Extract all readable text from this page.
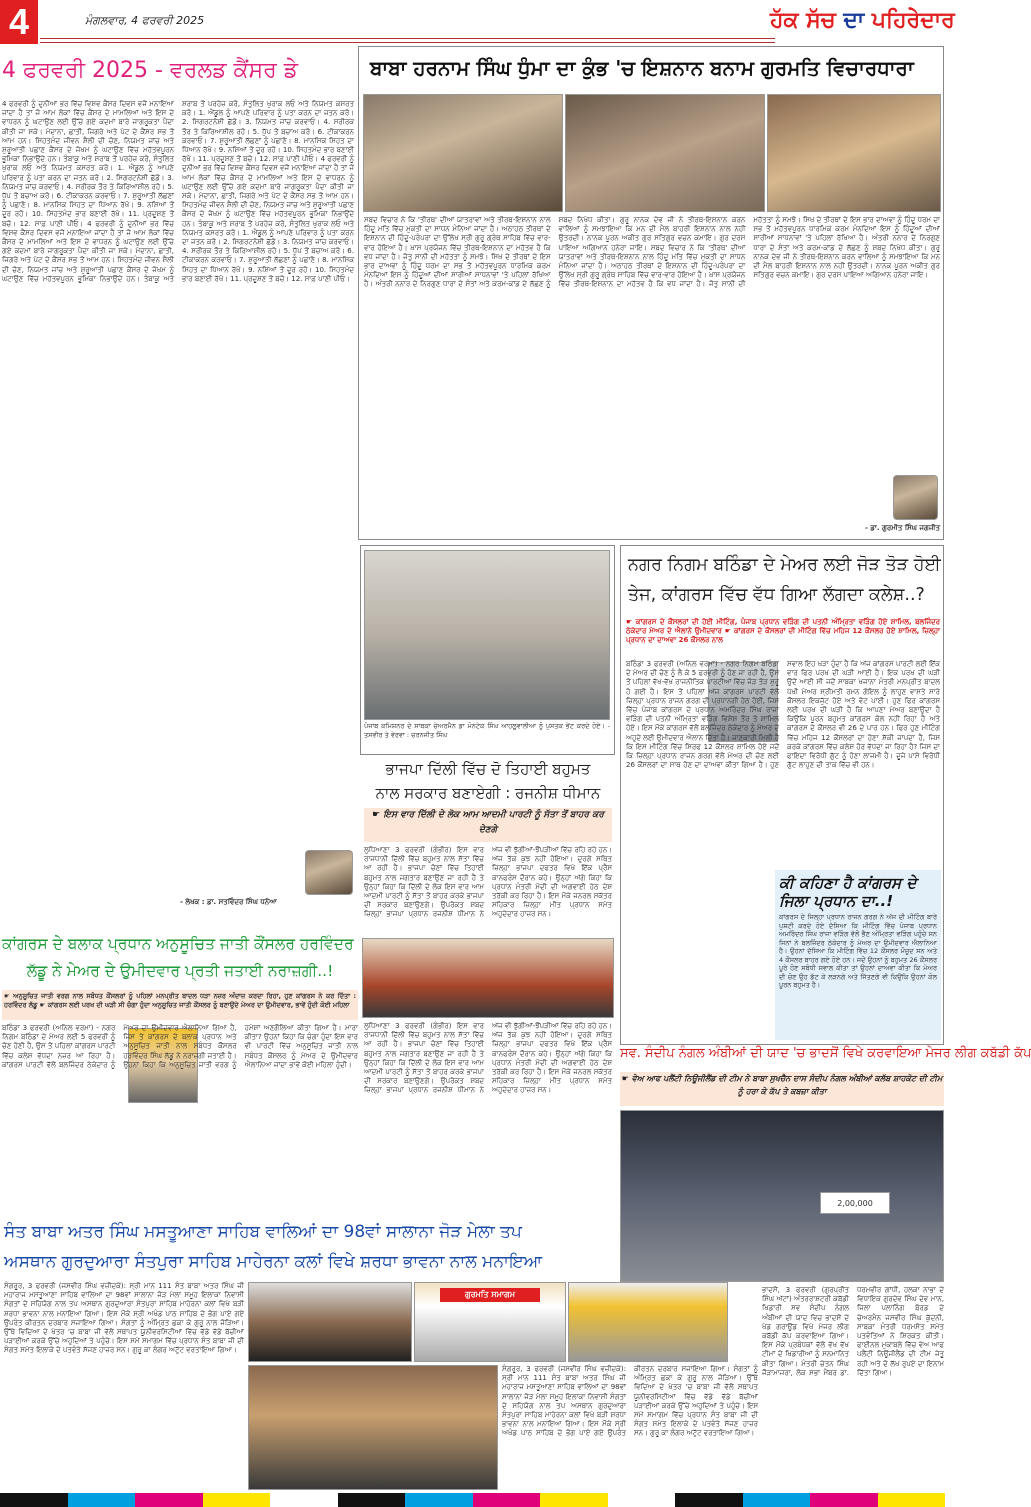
4	ਮੰਗਲਵਾਰ, 4 ਫਰਵਰੀ 2025	ਹੱਕ ਸੱਚ ਦਾ ਪਹਿਰੇਦਾਰ
4 ਫਰਵਰੀ 2025 - ਵਰਲਡ ਕੈਂਸਰ ਡੇ
4 ਫਰਵਰੀ ਨੂੰ ਦੁਨੀਆਂ ਭਰ ਵਿੱਚ ਵਿਸ਼ਵ ਕੈਂਸਰ ਦਿਵਸ ਵਜੋਂ ਮਨਾਇਆ ਜਾਂਦਾ ਹੈ ਤਾਂ ਜੋ ਆਮ ਲੋਕਾਂ ਵਿੱਚ ਕੈਂਸਰ ਦੇ ਮਾਮਲਿਆਂ ਅਤੇ ਇਸ ਦੇ ਵਾਧਰਨ ਨੂੰ ਘਟਾਉਣ ਲਈ ਉੱਚੇ ਗਏ ਕਦਮਾਂ ਬਾਰੇ ਜਾਗਰੂਕਤਾ ਪੈਦਾ ਕੀਤੀ ਜਾ ਸਕੇ। ਮੇਦਾਨਾ, ਛਾਤੀ, ਜਿਗਰੇ ਅਤੇ ਪੇਟ ਦੇ ਕੈਂਸਰ ਸਭ ਤੋਂ ਆਮ ਹਨ। ਸਿਹਤਮੰਦ ਜੀਵਨ ਸ਼ੈਲੀ ਦੀ ਚੋਣ, ਨਿਯਮਤ ਜਾਂਚ ਅਤੇ ਸ਼ੁਰੂਆਤੀ ਪਛਾਣ ਕੈਂਸਰ ਦੇ ਜੋਖਮ ਨੂੰ ਘਟਾਉਣ ਵਿੱਚ ਮਹੱਤਵਪੂਰਨ ਭੂਮਿਕਾ ਨਿਭਾਉਂਦੇ ਹਨ। ਤੰਬਾਕੂ ਅਤੇ ਸ਼ਰਾਬ ਤੋਂ ਪਰਹੇਜ਼ ਕਰੋ, ਸੰਤੁਲਿਤ ਖੁਰਾਕ ਲਓ ਅਤੇ ਨਿਯਮਤ ਕਸਰਤ ਕਰੋ। 1. ਐਂਡੂਲ ਨੂੰ ਆਪਣੇ ਪਰਿਵਾਰ ਨੂੰ ਪਤਾ ਕਰਨ ਦਾ ਜਤਨ ਕਰੋ। 2. ਸਿਗਰਟਨੋਸ਼ੀ ਛੱਡੋ। 3. ਨਿਯਮਤ ਜਾਂਚ ਕਰਵਾਓ। 4. ਸਰੀਰਕ ਤੌਰ ਤੇ ਕਿਰਿਆਸ਼ੀਲ ਰਹੋ। 5. ਧੁੱਪ ਤੋਂ ਬਚਾਅ ਕਰੋ। 6. ਟੀਕਾਕਰਨ ਕਰਵਾਓ। 7. ਸ਼ੁਰੂਆਤੀ ਲੱਛਣਾਂ ਨੂੰ ਪਛਾਣੋ। 8. ਮਾਨਸਿਕ ਸਿਹਤ ਦਾ ਧਿਆਨ ਰੱਖੋ। 9. ਨਸ਼ਿਆਂ ਤੋਂ ਦੂਰ ਰਹੋ। 10. ਸਿਹਤਮੰਦ ਭਾਰ ਬਣਾਈ ਰੱਖੋ। 11. ਪ੍ਰਦੂਸ਼ਣ ਤੋਂ ਬਚੋ। 12. ਸਾਫ਼ ਪਾਣੀ ਪੀਓ। 4 ਫਰਵਰੀ ਨੂੰ ਦੁਨੀਆਂ ਭਰ ਵਿੱਚ ਵਿਸ਼ਵ ਕੈਂਸਰ ਦਿਵਸ ਵਜੋਂ ਮਨਾਇਆ ਜਾਂਦਾ ਹੈ ਤਾਂ ਜੋ ਆਮ ਲੋਕਾਂ ਵਿੱਚ ਕੈਂਸਰ ਦੇ ਮਾਮਲਿਆਂ ਅਤੇ ਇਸ ਦੇ ਵਾਧਰਨ ਨੂੰ ਘਟਾਉਣ ਲਈ ਉੱਚੇ ਗਏ ਕਦਮਾਂ ਬਾਰੇ ਜਾਗਰੂਕਤਾ ਪੈਦਾ ਕੀਤੀ ਜਾ ਸਕੇ। ਮੇਦਾਨਾ, ਛਾਤੀ, ਜਿਗਰੇ ਅਤੇ ਪੇਟ ਦੇ ਕੈਂਸਰ ਸਭ ਤੋਂ ਆਮ ਹਨ। ਸਿਹਤਮੰਦ ਜੀਵਨ ਸ਼ੈਲੀ ਦੀ ਚੋਣ, ਨਿਯਮਤ ਜਾਂਚ ਅਤੇ ਸ਼ੁਰੂਆਤੀ ਪਛਾਣ ਕੈਂਸਰ ਦੇ ਜੋਖਮ ਨੂੰ ਘਟਾਉਣ ਵਿੱਚ ਮਹੱਤਵਪੂਰਨ ਭੂਮਿਕਾ ਨਿਭਾਉਂਦੇ ਹਨ। ਤੰਬਾਕੂ ਅਤੇ ਸ਼ਰਾਬ ਤੋਂ ਪਰਹੇਜ਼ ਕਰੋ, ਸੰਤੁਲਿਤ ਖੁਰਾਕ ਲਓ ਅਤੇ ਨਿਯਮਤ ਕਸਰਤ ਕਰੋ। 1. ਐਂਡੂਲ ਨੂੰ ਆਪਣੇ ਪਰਿਵਾਰ ਨੂੰ ਪਤਾ ਕਰਨ ਦਾ ਜਤਨ ਕਰੋ। 2. ਸਿਗਰਟਨੋਸ਼ੀ ਛੱਡੋ। 3. ਨਿਯਮਤ ਜਾਂਚ ਕਰਵਾਓ। 4. ਸਰੀਰਕ ਤੌਰ ਤੇ ਕਿਰਿਆਸ਼ੀਲ ਰਹੋ। 5. ਧੁੱਪ ਤੋਂ ਬਚਾਅ ਕਰੋ। 6. ਟੀਕਾਕਰਨ ਕਰਵਾਓ। 7. ਸ਼ੁਰੂਆਤੀ ਲੱਛਣਾਂ ਨੂੰ ਪਛਾਣੋ। 8. ਮਾਨਸਿਕ ਸਿਹਤ ਦਾ ਧਿਆਨ ਰੱਖੋ। 9. ਨਸ਼ਿਆਂ ਤੋਂ ਦੂਰ ਰਹੋ। 10. ਸਿਹਤਮੰਦ ਭਾਰ ਬਣਾਈ ਰੱਖੋ। 11. ਪ੍ਰਦੂਸ਼ਣ ਤੋਂ ਬਚੋ। 12. ਸਾਫ਼ ਪਾਣੀ ਪੀਓ। 4 ਫਰਵਰੀ ਨੂੰ ਦੁਨੀਆਂ ਭਰ ਵਿੱਚ ਵਿਸ਼ਵ ਕੈਂਸਰ ਦਿਵਸ ਵਜੋਂ ਮਨਾਇਆ ਜਾਂਦਾ ਹੈ ਤਾਂ ਜੋ ਆਮ ਲੋਕਾਂ ਵਿੱਚ ਕੈਂਸਰ ਦੇ ਮਾਮਲਿਆਂ ਅਤੇ ਇਸ ਦੇ ਵਾਧਰਨ ਨੂੰ ਘਟਾਉਣ ਲਈ ਉੱਚੇ ਗਏ ਕਦਮਾਂ ਬਾਰੇ ਜਾਗਰੂਕਤਾ ਪੈਦਾ ਕੀਤੀ ਜਾ ਸਕੇ। ਮੇਦਾਨਾ, ਛਾਤੀ, ਜਿਗਰੇ ਅਤੇ ਪੇਟ ਦੇ ਕੈਂਸਰ ਸਭ ਤੋਂ ਆਮ ਹਨ। ਸਿਹਤਮੰਦ ਜੀਵਨ ਸ਼ੈਲੀ ਦੀ ਚੋਣ, ਨਿਯਮਤ ਜਾਂਚ ਅਤੇ ਸ਼ੁਰੂਆਤੀ ਪਛਾਣ ਕੈਂਸਰ ਦੇ ਜੋਖਮ ਨੂੰ ਘਟਾਉਣ ਵਿੱਚ ਮਹੱਤਵਪੂਰਨ ਭੂਮਿਕਾ ਨਿਭਾਉਂਦੇ ਹਨ। ਤੰਬਾਕੂ ਅਤੇ ਸ਼ਰਾਬ ਤੋਂ ਪਰਹੇਜ਼ ਕਰੋ, ਸੰਤੁਲਿਤ ਖੁਰਾਕ ਲਓ ਅਤੇ ਨਿਯਮਤ ਕਸਰਤ ਕਰੋ। 1. ਐਂਡੂਲ ਨੂੰ ਆਪਣੇ ਪਰਿਵਾਰ ਨੂੰ ਪਤਾ ਕਰਨ ਦਾ ਜਤਨ ਕਰੋ। 2. ਸਿਗਰਟਨੋਸ਼ੀ ਛੱਡੋ। 3. ਨਿਯਮਤ ਜਾਂਚ ਕਰਵਾਓ। 4. ਸਰੀਰਕ ਤੌਰ ਤੇ ਕਿਰਿਆਸ਼ੀਲ ਰਹੋ। 5. ਧੁੱਪ ਤੋਂ ਬਚਾਅ ਕਰੋ। 6. ਟੀਕਾਕਰਨ ਕਰਵਾਓ। 7. ਸ਼ੁਰੂਆਤੀ ਲੱਛਣਾਂ ਨੂੰ ਪਛਾਣੋ। 8. ਮਾਨਸਿਕ ਸਿਹਤ ਦਾ ਧਿਆਨ ਰੱਖੋ। 9. ਨਸ਼ਿਆਂ ਤੋਂ ਦੂਰ ਰਹੋ। 10. ਸਿਹਤਮੰਦ ਭਾਰ ਬਣਾਈ ਰੱਖੋ। 11. ਪ੍ਰਦੂਸ਼ਣ ਤੋਂ ਬਚੋ। 12. ਸਾਫ਼ ਪਾਣੀ ਪੀਓ।
- ਲੇਖਕ : ਡਾ. ਸਤਵਿੰਦਰ ਸਿੰਘ ਧਨੋਆ
ਬਾਬਾ ਹਰਨਾਮ ਸਿੰਘ ਧੁੰਮਾ ਦਾ ਕੁੰਭ 'ਚ ਇਸ਼ਨਾਨ ਬਨਾਮ ਗੁਰਮਤਿ ਵਿਚਾਰਧਾਰਾ
ਸਬਦ ਵਿਚਾਰ ਨੇ ਕਿ 'ਤੀਰਥ' ਦੀਆਂ ਯਾਤਰਾਵਾਂ ਅਤੇ ਤੀਰਥ-ਇਸ਼ਨਾਨ ਨਾਲ ਹਿੰਦੂ ਮਤਿ ਵਿੱਚ ਮੁਕਤੀ ਦਾ ਸਾਧਨ ਮੰਨਿਆ ਜਾਂਦਾ ਹੈ। ਅਠਾਹਠ ਤੀਰਥਾਂ ਦੇ ਇਸ਼ਨਾਨ ਦੀ ਹਿੰਦੂ-ਪਰੰਪਰਾ ਦਾ ਉੱਲੇਖ ਸ੍ਰੀ ਗੁਰੂ ਗ੍ਰੰਥ ਸਾਹਿਬ ਵਿੱਚ ਵਾਰ-ਵਾਰ ਹੋਇਆ ਹੈ। ਖ਼ਾਸ ਪ੍ਰਯੋਜਨ ਵਿੱਚ ਤੀਰਥ-ਇਸ਼ਨਾਨ ਦਾ ਮਹੱਤਵ ਹੈ ਕਿ ਵਧ ਜਾਂਦਾ ਹੈ। ਜੋਤੁ ਸਾਨੀ ਦੀ ਮਹੱਤਤਾ ਨੂੰ ਸਮਝੋ। ਸਿਖ ਦੇ ਤੀਰਥਾਂ ਦੇ ਇਸ ਭਾਰ ਦਾਅਵਾ ਨੂੰ ਹਿੰਦੂ ਧਰਮ ਦਾ ਸਭ ਤੋਂ ਮਹੱਤਵਪੂਰਨ ਧਾਰਮਿਕ ਕਰਮ ਮੰਨਦਿਆਂ ਇਸ ਨੂੰ ਹਿੰਦੂਆਂ ਦੀਆਂ ਸਾਰੀਆਂ ਸਾਧਨਾਵਾਂ 'ਤੇ ਪਹਿਲਾਂ ਰੱਖਿਆ ਹੈ। ਅੰਤਰੀ ਨਨਾਰ ਦੇ ਨਿਰਗੁਣ ਧਾਰਾ ਦੇ ਸੰਤਾਂ ਅਤੇ ਕਰਮ-ਕਾਂਡ ਦੇ ਲੱਛਣ ਨੂੰ ਸ਼ਬਦ ਨਿਖੇਧ ਕੀਤਾ। ਗੁਰੂ ਨਾਨਕ ਦੇਵ ਜੀ ਨੇ ਤੀਰਥ-ਇਸ਼ਨਾਨ ਕਰਨ ਵਾਲਿਆਂ ਨੂੰ ਸਮਝਾਇਆ ਕਿ ਮਨ ਦੀ ਮੈਲ ਬਾਹਰੀ ਇਸ਼ਨਾਨ ਨਾਲ ਨਹੀਂ ਉਤਰਦੀ। ਨਾਨਕ ਪੂਰਨ ਅਕੀਤ ਗੁਰ ਸਤਿਗੁਰ ਵਚਨ ਕਮਾਇ। ਗੁਰ ਦਰਸ ਪਾਇਆ ਅਗਿਆਨ ਹਨੇਰਾ ਜਾਇ। ਸਬਦ ਵਿਚਾਰ ਨੇ ਕਿ 'ਤੀਰਥ' ਦੀਆਂ ਯਾਤਰਾਵਾਂ ਅਤੇ ਤੀਰਥ-ਇਸ਼ਨਾਨ ਨਾਲ ਹਿੰਦੂ ਮਤਿ ਵਿੱਚ ਮੁਕਤੀ ਦਾ ਸਾਧਨ ਮੰਨਿਆ ਜਾਂਦਾ ਹੈ। ਅਠਾਹਠ ਤੀਰਥਾਂ ਦੇ ਇਸ਼ਨਾਨ ਦੀ ਹਿੰਦੂ-ਪਰੰਪਰਾ ਦਾ ਉੱਲੇਖ ਸ੍ਰੀ ਗੁਰੂ ਗ੍ਰੰਥ ਸਾਹਿਬ ਵਿੱਚ ਵਾਰ-ਵਾਰ ਹੋਇਆ ਹੈ। ਖ਼ਾਸ ਪ੍ਰਯੋਜਨ ਵਿੱਚ ਤੀਰਥ-ਇਸ਼ਨਾਨ ਦਾ ਮਹੱਤਵ ਹੈ ਕਿ ਵਧ ਜਾਂਦਾ ਹੈ। ਜੋਤੁ ਸਾਨੀ ਦੀ ਮਹੱਤਤਾ ਨੂੰ ਸਮਝੋ। ਸਿਖ ਦੇ ਤੀਰਥਾਂ ਦੇ ਇਸ ਭਾਰ ਦਾਅਵਾ ਨੂੰ ਹਿੰਦੂ ਧਰਮ ਦਾ ਸਭ ਤੋਂ ਮਹੱਤਵਪੂਰਨ ਧਾਰਮਿਕ ਕਰਮ ਮੰਨਦਿਆਂ ਇਸ ਨੂੰ ਹਿੰਦੂਆਂ ਦੀਆਂ ਸਾਰੀਆਂ ਸਾਧਨਾਵਾਂ 'ਤੇ ਪਹਿਲਾਂ ਰੱਖਿਆ ਹੈ। ਅੰਤਰੀ ਨਨਾਰ ਦੇ ਨਿਰਗੁਣ ਧਾਰਾ ਦੇ ਸੰਤਾਂ ਅਤੇ ਕਰਮ-ਕਾਂਡ ਦੇ ਲੱਛਣ ਨੂੰ ਸ਼ਬਦ ਨਿਖੇਧ ਕੀਤਾ। ਗੁਰੂ ਨਾਨਕ ਦੇਵ ਜੀ ਨੇ ਤੀਰਥ-ਇਸ਼ਨਾਨ ਕਰਨ ਵਾਲਿਆਂ ਨੂੰ ਸਮਝਾਇਆ ਕਿ ਮਨ ਦੀ ਮੈਲ ਬਾਹਰੀ ਇਸ਼ਨਾਨ ਨਾਲ ਨਹੀਂ ਉਤਰਦੀ। ਨਾਨਕ ਪੂਰਨ ਅਕੀਤ ਗੁਰ ਸਤਿਗੁਰ ਵਚਨ ਕਮਾਇ। ਗੁਰ ਦਰਸ ਪਾਇਆ ਅਗਿਆਨ ਹਨੇਰਾ ਜਾਇ।
- ਡਾ. ਗੁਰਮੀਤ ਸਿੰਘ ਜਗਜੀਤ
ਪੰਜਾਬ ਕਮਿਸ਼ਨਰ ਦੇ ਸਾਬਕਾ ਚੇਅਰਮੈਨ ਡਾ ਮੋਨਟੇਕ ਸਿੰਘ ਆਹਲੂਵਾਲੀਆ ਨੂੰ ਪੁਸਤਕ ਭੇਂਟ ਕਰਦੇ ਹੋਏ। - ਤਸਵੀਰ ਤੇ ਵੇਰਵਾ : ਚਰਨਜੀਤ ਸਿੰਘ
ਨਗਰ ਨਿਗਮ ਬਠਿੰਡਾ ਦੇ ਮੇਅਰ ਲਈ ਜੋੜ ਤੋੜ ਹੋਈ
ਤੇਜ, ਕਾਂਗਰਸ ਵਿੱਚ ਵੱਧ ਗਿਆ ਲੱਗਦਾ ਕਲੇਸ਼..?
☛ ਕਾਂਗਰਸ ਦੇ ਕੌਂਸਲਰਾਂ ਦੀ ਹੋਈ ਮੀਟਿੰਗ, ਪੰਜਾਬ ਪ੍ਰਧਾਨ ਵੜਿੰਗ ਦੀ ਪਤਨੀ ਅੰਮ੍ਰਿਤਾ ਵੜਿੰਗ ਹੋਏ ਸ਼ਾਮਿਲ, ਬਲਜਿੰਦਰ ਠੇਕੇਦਾਰ ਮੇਅਰ ਦੇ ਐਲਾਨੇ ਉਮੀਦਵਾਰ ☛ ਕਾਂਗਰਸ ਦੇ ਕੌਂਸਲਰਾਂ ਦੀ ਮੀਟਿੰਗ ਵਿੱਚ ਮਹਿਜ 12 ਕੌਂਸਲਰ ਹੋਏ ਸ਼ਾਮਿਲ, ਜ਼ਿਲ੍ਹਾ ਪ੍ਰਧਾਨ ਦਾ ਦਾਅਵਾ 26 ਕੌਂਸਲਰ ਨਾਲ
ਬਠਿੰਡਾ 3 ਫਰਵਰੀ (ਅਨਿਲ ਵਰਮਾ) - ਨਗਰ ਨਿਗਮ ਬਠਿੰਡਾ ਦੇ ਮੇਅਰ ਦੀ ਚੋਣ ਨੂੰ ਲੈ ਕੇ 5 ਫਰਵਰੀ ਨੂੰ ਹੋਣ ਜਾ ਰਹੀ ਹੈ, ਉਸ ਤੋਂ ਪਹਿਲਾਂ ਵੱਖ-ਵੱਖ ਰਾਜਨੀਤਿਕ ਪਾਰਟੀਆਂ ਵਿੱਚ ਜੋੜ ਤੋੜ ਸ਼ੁਰੂ ਹੋ ਗਈ ਹੈ। ਇਸ ਤੋਂ ਪਹਿਲਾਂ ਅੱਜ ਕਾਂਗਰਸ ਪਾਰਟੀ ਵੱਲੋਂ ਜ਼ਿਲ੍ਹਾ ਪ੍ਰਧਾਨ ਰਾਜਨ ਗਰਗ ਦੀ ਪ੍ਰਧਾਨਗੀ ਹੇਠ ਹੋਈ, ਜਿਸ ਵਿੱਚ ਪੰਜਾਬ ਕਾਂਗਰਸ ਦੇ ਪ੍ਰਧਾਨ ਅਮਰਿੰਦਰ ਸਿੰਘ ਰਾਜਾ ਵੜਿੰਗ ਦੀ ਪਤਨੀ ਅੰਮ੍ਰਿਤਾ ਵੜਿੰਗ ਵਿਸ਼ੇਸ਼ ਤੌਰ ਤੇ ਸ਼ਾਮਿਲ ਹੋਏ। ਇਸ ਮੌਕੇ ਕਾਂਗਰਸ ਵੱਲੋਂ ਬਲਜਿੰਦਰ ਠੇਕੇਦਾਰ ਨੂੰ ਮੇਅਰ ਦੇ ਅਹੁਦੇ ਲਈ ਉਮੀਦਵਾਰ ਐਲਾਨ ਦਿੱਤਾ ਹੈ। ਜਾਣਕਾਰੀ ਮਿਲੀ ਹੈ ਕਿ ਇਸ ਮੀਟਿੰਗ ਵਿੱਚ ਸਿਰਫ 12 ਕੌਂਸਲਰ ਸ਼ਾਮਿਲ ਹੋਏ ਜਦੋਂ ਕਿ ਜ਼ਿਲ੍ਹਾ ਪ੍ਰਧਾਨ ਰਾਜਨ ਗਰਗ ਵੱਲੋਂ ਮੇਅਰ ਦੀ ਚੋਣ ਲਈ 26 ਕੌਂਸਲਰਾਂ ਦਾ ਸਾਥ ਹੋਣ ਦਾ ਦਾਅਵਾ ਕੀਤਾ ਗਿਆ ਹੈ। ਹੁਣ ਸਵਾਲ ਇਹ ਖੜਾ ਹੁੰਦਾ ਹੈ ਕਿ ਅੱਜ ਕਾਂਗਰਸ ਪਾਰਟੀ ਲਈ ਇੱਕ ਵਾਰ ਫਿਰ ਪਰਖ ਦੀ ਘੜੀ ਆਈ ਹੈ। ਇਕ ਪਰਖ ਦੀ ਘੜੀ ਉਦੋਂ ਆਈ ਸੀ ਜਦੋਂ ਸਾਬਕਾ ਖਜਾਨਾ ਮੰਤਰੀ ਮਨਪ੍ਰੀਤ ਬਾਦਲ ਪੱਖੀ ਮੇਅਰ ਸ੍ਰੀਮਤੀ ਰਮਨ ਗੋਇਲ ਨੂੰ ਲਾਹੁਣ ਵਾਸਤੇ ਸਾਰੇ ਕੌਂਸਲਰ ਇਕਜੁੱਟ ਹੋਏ ਅਤੇ ਵੋਟ ਪਾਈ। ਹੁਣ ਫਿਰ ਕਾਂਗਰਸ ਲਈ ਪਰਖ ਦੀ ਘੜੀ ਹੈ ਕਿ ਆਪਣਾ ਮੇਅਰ ਬਣਾਉਂਦਾ ਹੈ ਕਿਉਂਕਿ ਪੂਰਨ ਬਹੁਮਤ ਕਾਂਗਰਸ ਕੋਲ ਨਹੀਂ ਰਿਹਾ ਹੈ ਅਤੇ ਕਾਂਗਰਸ ਦੇ ਕੌਂਸਲਰ ਵੀ 26 ਦੇ ਪਾਰ ਹਨ। ਫਿਰ ਹੁਣ ਮੀਟਿੰਗ ਵਿੱਚ ਮਹਿਜ 12 ਕੌਂਸਲਰਾਂ ਦਾ ਹੋਣਾ ਸ਼ੱਕੀ ਜਾਪਦਾ ਹੈ, ਜਿਸ ਕਰਕੇ ਕਾਂਗਰਸ ਵਿੱਚ ਕਲੇਸ਼ ਹੋਰ ਵੱਧਦਾ ਜਾ ਰਿਹਾ ਹੈ? ਜਿਸ ਦਾ ਫਾਇਦਾ ਵਿਰੋਧੀ ਗੁੱਟ ਨੂੰ ਹੋਣਾ ਲਾਜਮੀ ਹੈ। ਦੂਜੇ ਪਾਸੇ ਵਿਰੋਧੀ ਗੁੱਟ ਲਾਹੁਣ ਦੀ ਤਾਕ ਵਿੱਚ ਵੀ ਹਨ।
ਕੀ ਕਹਿਣਾ ਹੈ ਕਾਂਗਰਸ ਦੇ ਜਿਲਾ ਪ੍ਰਧਾਨ ਦਾ..!
ਕਾਂਗਰਸ ਦੇ ਜਿਲ੍ਹਾ ਪ੍ਰਧਾਨ ਰਾਜਨ ਗਰਗ ਨੇ ਅੱਜ ਦੀ ਮੀਟਿੰਗ ਬਾਰੇ ਪੁਸ਼ਟੀ ਕਰਦੇ ਹੋਏ ਦੱਸਿਆ ਕਿ ਮੀਟਿੰਗ ਵਿੱਚ ਪੰਜਾਬ ਪ੍ਰਧਾਨ ਅਮਰਿੰਦਰ ਸਿੰਘ ਰਾਜਾ ਵੜਿੰਗ ਵੱਲੋਂ ਭੈਣ ਅੰਮ੍ਰਿਤਾ ਵੜਿੰਗ ਪਹੁੰਚੇ ਸਨ ਜਿਨਾਂ ਨੇ ਬਲਜਿੰਦਰ ਠੇਕੇਦਾਰ ਨੂੰ ਮੇਅਰ ਦਾ ਉਮੀਦਵਾਰ ਐਲਾਨਿਆ ਹੈ। ਉਹਨਾਂ ਦੱਸਿਆ ਕਿ ਮੀਟਿੰਗ ਵਿੱਚ 12 ਕੌਂਸਲਰ ਮੌਜੂਦ ਸਨ ਅਤੇ 4 ਕੌਂਸਲਰ ਬਾਹਰ ਗਏ ਹੋਏ ਹਨ। ਜਦੋਂ ਉਹਨਾਂ ਨੂੰ ਬਹੁਮਤ 26 ਕੌਂਸਲਰ ਪੂਰੇ ਹੋਣ ਸਬੰਧੀ ਸਵਾਲ ਕੀਤਾ ਤਾਂ ਉਹਨਾਂ ਦਾਅਵਾ ਕੀਤਾ ਕਿ ਮੇਅਰ ਦੀ ਚੋਣ ਉਹ ਡੱਟ ਕੇ ਲੜਨਗੇ ਅਤੇ ਜਿੱਤਣਗੇ ਵੀ ਕਿਉਂਕਿ ਉਹਨਾਂ ਕੋਲ ਪੂਰਨ ਬਹੁਮਤ ਹੈ।
ਭਾਜਪਾ ਦਿੱਲੀ ਵਿੱਚ ਦੋ ਤਿਹਾਈ ਬਹੁਮਤ
ਨਾਲ ਸਰਕਾਰ ਬਣਾਏਗੀ : ਰਜਨੀਸ਼ ਧੀਮਾਨ
☛ ਇਸ ਵਾਰ ਦਿੱਲੀ ਦੇ ਲੋਕ ਆਮ ਆਦਮੀ ਪਾਰਟੀ ਨੂੰ ਸੱਤਾ ਤੋਂ ਬਾਹਰ ਕਰ ਦੇਣਗੇ
ਲੁਧਿਆਣਾ 3 ਫਰਵਰੀ (ਗੰਭੀਰ) ਇਸ ਵਾਰ ਰਾਜਧਾਨੀ ਦਿੱਲੀ ਵਿੱਚ ਬਹੁਮਤ ਨਾਲ ਸੱਤਾ ਵਿੱਚ ਆ ਰਹੀ ਹੈ। ਭਾਜਪਾ ਚੋਣਾਂ ਵਿੱਚ ਤਿਹਾਈ ਬਹੁਮਤ ਨਾਲ ਜਗਤਾਰ ਬਣਾਉਣ ਜਾ ਰਹੀ ਹੈ ਤੇ ਉਨ੍ਹਾਂ ਕਿਹਾ ਕਿ ਦਿੱਲੀ ਦੇ ਲੋਕ ਇਸ ਵਾਰ ਆਮ ਆਦਮੀ ਪਾਰਟੀ ਨੂੰ ਸੱਤਾ ਤੋਂ ਬਾਹਰ ਕਰਕੇ ਭਾਜਪਾ ਦੀ ਸਰਕਾਰ ਬਣਾਉਣਗੇ। ਉਪਰੋਕਤ ਸ਼ਬਦ ਜ਼ਿਲ੍ਹਾ ਭਾਜਪਾ ਪ੍ਰਧਾਨ ਰਜਨੀਸ਼ ਧੀਮਾਨ ਨੇ ਅੱਜ ਵੀ ਝੁੱਗੀਆਂ-ਝੌਂਪੜੀਆਂ ਵਿੱਚ ਰਹਿ ਰਹੇ ਹਨ। ਅੱਜ ਤੱਕ ਕੁਝ ਨਹੀਂ ਹੋਇਆ। ਦੁਰਗੇ ਸਥਿਤ ਜ਼ਿਲ੍ਹਾ ਭਾਜਪਾ ਦਫਤਰ ਵਿਖੇ ਇੱਕ ਪ੍ਰੈਸ ਕਾਨਫਰੰਸ ਦੌਰਾਨ ਕਹੇ। ਉਨ੍ਹਾਂ ਅੱਗੇ ਕਿਹਾ ਕਿ ਪ੍ਰਧਾਨ ਮੰਤਰੀ ਮੋਦੀ ਦੀ ਅਗਵਾਈ ਹੇਠ ਦੇਸ਼ ਤਰੱਕੀ ਕਰ ਰਿਹਾ ਹੈ। ਇਸ ਮੌਕੇ ਜਨਰਲ ਸਕੱਤਰ ਸਹਿਕਾਰ ਜ਼ਿਲ੍ਹਾ ਮੀਤ ਪ੍ਰਧਾਨ ਸਮੇਤ ਅਹੁਦੇਦਾਰ ਹਾਜ਼ਰ ਸਨ।
ਲੁਧਿਆਣਾ 3 ਫਰਵਰੀ (ਗੰਭੀਰ) ਇਸ ਵਾਰ ਰਾਜਧਾਨੀ ਦਿੱਲੀ ਵਿੱਚ ਬਹੁਮਤ ਨਾਲ ਸੱਤਾ ਵਿੱਚ ਆ ਰਹੀ ਹੈ। ਭਾਜਪਾ ਚੋਣਾਂ ਵਿੱਚ ਤਿਹਾਈ ਬਹੁਮਤ ਨਾਲ ਜਗਤਾਰ ਬਣਾਉਣ ਜਾ ਰਹੀ ਹੈ ਤੇ ਉਨ੍ਹਾਂ ਕਿਹਾ ਕਿ ਦਿੱਲੀ ਦੇ ਲੋਕ ਇਸ ਵਾਰ ਆਮ ਆਦਮੀ ਪਾਰਟੀ ਨੂੰ ਸੱਤਾ ਤੋਂ ਬਾਹਰ ਕਰਕੇ ਭਾਜਪਾ ਦੀ ਸਰਕਾਰ ਬਣਾਉਣਗੇ। ਉਪਰੋਕਤ ਸ਼ਬਦ ਜ਼ਿਲ੍ਹਾ ਭਾਜਪਾ ਪ੍ਰਧਾਨ ਰਜਨੀਸ਼ ਧੀਮਾਨ ਨੇ ਅੱਜ ਵੀ ਝੁੱਗੀਆਂ-ਝੌਂਪੜੀਆਂ ਵਿੱਚ ਰਹਿ ਰਹੇ ਹਨ। ਅੱਜ ਤੱਕ ਕੁਝ ਨਹੀਂ ਹੋਇਆ। ਦੁਰਗੇ ਸਥਿਤ ਜ਼ਿਲ੍ਹਾ ਭਾਜਪਾ ਦਫਤਰ ਵਿਖੇ ਇੱਕ ਪ੍ਰੈਸ ਕਾਨਫਰੰਸ ਦੌਰਾਨ ਕਹੇ। ਉਨ੍ਹਾਂ ਅੱਗੇ ਕਿਹਾ ਕਿ ਪ੍ਰਧਾਨ ਮੰਤਰੀ ਮੋਦੀ ਦੀ ਅਗਵਾਈ ਹੇਠ ਦੇਸ਼ ਤਰੱਕੀ ਕਰ ਰਿਹਾ ਹੈ। ਇਸ ਮੌਕੇ ਜਨਰਲ ਸਕੱਤਰ ਸਹਿਕਾਰ ਜ਼ਿਲ੍ਹਾ ਮੀਤ ਪ੍ਰਧਾਨ ਸਮੇਤ ਅਹੁਦੇਦਾਰ ਹਾਜ਼ਰ ਸਨ।
ਕਾਂਗਰਸ ਦੇ ਬਲਾਕ ਪ੍ਰਧਾਨ ਅਨੁਸੂਚਿਤ ਜਾਤੀ ਕੌਂਸਲਰ ਹਰਵਿੰਦਰ
ਲੱਡੂ ਨੇ ਮੇਅਰ ਦੇ ਉਮੀਦਵਾਰ ਪ੍ਰਤੀ ਜਤਾਈ ਨਰਾਜ਼ਗੀ..!
☛ ਅਨੁਸੂਚਿਤ ਜਾਤੀ ਵਰਗ ਨਾਲ ਸਬੰਧਤ ਕੌਂਸਲਰਾਂ ਨੂੰ ਪਹਿਲਾਂ ਮਨਪ੍ਰੀਤ ਬਾਦਲ ਧੜਾ ਨਜ਼ਰ ਅੰਦਾਜ਼ ਕਰਦਾ ਰਿਹਾ, ਹੁਣ ਕਾਂਗਰਸ ਨੇ ਕਰ ਦਿੱਤਾ : ਹਰਵਿੰਦਰ ਲੱਡੂ ☛ ਕਾਂਗਰਸ ਲਈ ਪਰਖ ਦੀ ਘੜੀ ਸੀ ਚੰਗਾ ਹੁੰਦਾ ਅਨੁਸੂਚਿਤ ਜਾਤੀ ਕੌਂਸਲਰ ਨੂੰ ਬਣਾਉਂਦੇ ਮੇਅਰ ਦਾ ਉਮੀਦਵਾਰ, ਭਾਵੇਂ ਹੁੰਦੀ ਕੋਈ ਮਹਿਲਾ
ਬਠਿੰਡਾ 3 ਫਰਵਰੀ (ਅਨਿਲ ਵਰਮਾ) - ਨਗਰ ਨਿਗਮ ਬਠਿੰਡਾ ਦੇ ਮੇਅਰ ਲਈ 5 ਫਰਵਰੀ ਨੂੰ ਚੋਣ ਹੋਣੀ ਹੈ, ਉਸ ਤੋਂ ਪਹਿਲਾਂ ਕਾਂਗਰਸ ਪਾਰਟੀ ਵਿੱਚ ਕਲੇਸ਼ ਵੱਧਦਾ ਨਜ਼ਰ ਆ ਰਿਹਾ ਹੈ। ਕਾਂਗਰਸ ਪਾਰਟੀ ਵੱਲੋਂ ਬਲਜਿੰਦਰ ਠੇਕੇਦਾਰ ਨੂੰ ਮੇਅਰ ਦਾ ਉਮੀਦਵਾਰ ਐਲਾਨਿਆ ਗਿਆ ਹੈ, ਜਿਸ ਤੇ ਕਾਂਗਰਸ ਦੇ ਬਲਾਕ ਪ੍ਰਧਾਨ ਅਤੇ ਅਨੁਸੂਚਿਤ ਜਾਤੀ ਨਾਲ ਸਬੰਧਤ ਕੌਂਸਲਰ ਹਰਵਿੰਦਰ ਸਿੰਘ ਲੱਡੂ ਨੇ ਨਰਾਜ਼ਗੀ ਜਤਾਈ ਹੈ। ਉਹਨਾਂ ਕਿਹਾ ਕਿ ਅਨੁਸੂਚਿਤ ਜਾਤੀ ਵਰਗ ਨੂੰ ਹਮੇਸ਼ਾਂ ਅਣਗੌਲਿਆ ਕੀਤਾ ਗਿਆ ਹੈ। ਮਾਰਾ ਕੀਤਾ? ਉਹਨਾਂ ਕਿਹਾ ਕਿ ਚੰਗਾ ਹੁੰਦਾ ਇਸ ਵਾਰ ਵੀ ਪਾਰਟੀ ਵਿੱਚ ਅਨੁਸੂਚਿਤ ਜਾਤੀ ਨਾਲ ਸਬੰਧਤ ਕੌਂਸਲਰ ਨੂੰ ਮੇਅਰ ਦੇ ਉਮੀਦਵਾਰ ਐਲਾਨਿਆ ਜਾਂਦਾ ਭਾਵੇਂ ਕੋਈ ਮਹਿਲਾ ਹੁੰਦੀ।
ਸਵ. ਸੰਦੀਪ ਨੰਗਲ ਅੰਬੀਆਂ ਦੀ ਯਾਦ 'ਚ ਭਾਦਸੋਂ ਵਿਖੇ ਕਰਵਾਇਆ ਮੇਜਰ ਲੀਗ ਕਬੱਡੀ ਕੱਪ
☛ ਵੇਅ ਆਫ ਪਲੈਂਟੀ ਨਿਊਜੀਲੈਂਡ ਦੀ ਟੀਮ ਨੇ ਬਾਬਾ ਸੁਖਚੈਨ ਦਾਸ ਸੰਦੀਪ ਨੰਗਲ ਅੰਬੀਆਂ ਕਲੱਬ ਸ਼ਾਹਕੋਟ ਦੀ ਟੀਮ ਨੂੰ ਹਰਾ ਕੇ ਕੱਪ ਤੇ ਕਬਜ਼ਾ ਕੀਤਾ
2,00,000
ਭਾਦਸੋਂ, 3 ਫਰਵਰੀ (ਗੁਰਪ੍ਰੀਤ ਸਿੰਘ ਅੱਟਾਂ) ਅੰਤਰਰਾਸ਼ਟਰੀ ਕਬੱਡੀ ਖਿਡਾਰੀ ਸਵ ਸੰਦੀਪ ਨੰਗਲ ਅੰਬੀਆਂ ਦੀ ਯਾਦ ਵਿਚ ਭਾਦਸੋਂ ਦੇ ਖੇਡ ਗਰਾਊਂਡ ਵਿਖੇ ਮੇਜਰ ਲੀਗ ਕਬੱਡੀ ਕੱਪ ਕਰਵਾਇਆ ਗਿਆ। ਇਸ ਮੌਕੇ ਪ੍ਰਬੰਧਕਾਂ ਵੱਲੋਂ ਵੱਖ ਵੱਖ ਟੀਮਾਂ ਦੇ ਖਿਡਾਰੀਆਂ ਨੂੰ ਸਨਮਾਨਿਤ ਕੀਤਾ ਗਿਆ। ਮੰਤਰੀ ਚੇਤਨ ਸਿੰਘ ਜੌੜਾਮਾਜਰਾ, ਲੋਕ ਸਭਾ ਮੈਂਬਰ ਡਾ. ਧਰਮਵੀਰ ਗਾਂਧੀ, ਹਲਕਾ ਨਾਭਾ ਦੇ ਵਿਧਾਇਕ ਗੁਰਦੇਵ ਸਿੰਘ ਦੇਵ ਮਾਨ, ਜਿਲਾ ਪਲਾਨਿੰਗ ਬੋਰਡ ਦੇ ਚੇਅਰਮੈਨ ਜਸਵੀਰ ਸਿੰਘ ਕੁੱਦਨੀ, ਸਾਬਕਾ ਮੰਤਰੀ ਧਰਮਸੋਤ ਸਮੇਤ ਪਤਵੰਤਿਆਂ ਨੇ ਸ਼ਿਰਕਤ ਕੀਤੀ। ਫਾਈਨਲ ਮੁਕਾਬਲੇ ਵਿੱਚ ਵੇਅ ਆਫ ਪਲੈਂਟੀ ਨਿਊਜੀਲੈਂਡ ਦੀ ਟੀਮ ਜੇਤੂ ਰਹੀ ਅਤੇ ਦੋ ਲੱਖ ਰੁਪਏ ਦਾ ਇਨਾਮ ਦਿੱਤਾ ਗਿਆ।
ਸੰਤ ਬਾਬਾ ਅਤਰ ਸਿੰਘ ਮਸਤੂਆਣਾ ਸਾਹਿਬ ਵਾਲਿਆਂ ਦਾ 98ਵਾਂ ਸਾਲਾਨਾ ਜੋੜ ਮੇਲਾ ਤਪ
ਅਸਥਾਨ ਗੁਰਦੁਆਰਾ ਸੰਤਪੁਰਾ ਸਾਹਿਬ ਮਾਹੇਰਨਾ ਕਲਾਂ ਵਿਖੇ ਸ਼ਰਧਾ ਭਾਵਨਾ ਨਾਲ ਮਨਾਇਆ
ਗੁਰਮਤਿ ਸਮਾਗਮ
ਸੰਗਰੂਰ, 3 ਫਰਵਰੀ (ਜਸਵੀਰ ਸਿੰਘ ਵਜ਼ੀਦਕੇ): ਸ੍ਰੀ ਮਾਨ 111 ਸੰਤ ਬਾਬਾ ਅਤਰ ਸਿੰਘ ਜੀ ਮਹਾਰਾਜ ਮਸਤੂਆਣਾ ਸਾਹਿਬ ਵਾਲਿਆਂ ਦਾ 98ਵਾਂ ਸਾਲਾਨਾ ਜੋੜ ਮੇਲਾ ਸਮੂਹ ਇਲਾਕਾ ਨਿਵਾਸੀ ਸੰਗਤਾਂ ਦੇ ਸਹਿਯੋਗ ਨਾਲ ਤਪ ਅਸਥਾਨ ਗੁਰਦੁਆਰਾ ਸੰਤਪੁਰਾ ਸਾਹਿਬ ਮਾਹੇਰਨਾ ਕਲਾਂ ਵਿਖੇ ਬੜੀ ਸ਼ਰਧਾ ਭਾਵਨਾ ਨਾਲ ਮਨਾਇਆ ਗਿਆ। ਇਸ ਮੌਕੇ ਸ੍ਰੀ ਅਖੰਡ ਪਾਠ ਸਾਹਿਬ ਦੇ ਭੋਗ ਪਾਏ ਗਏ ਉਪਰੰਤ ਕੀਰਤਨ ਦਰਬਾਰ ਸਜਾਇਆ ਗਿਆ। ਸੰਗਤਾਂ ਨੂੰ ਅੰਮ੍ਰਿਤ ਛਕਾ ਕੇ ਗੁਰੂ ਨਾਲ ਜੋੜਿਆ। ਉੱਥੇ ਵਿਦਿਆ ਦੇ ਖੇਤਰ 'ਚ ਬਾਬਾ ਜੀ ਵੱਲੋਂ ਸਥਾਪਤ ਯੂਨੀਵਰਸਿਟੀਆਂ ਵਿੱਚ ਵੱਡੇ ਵੱਡੇ ਬੱਚੀਆਂ ਪੜਾਈਆਂ ਕਰਕੇ ਉੱਚੇ ਅਹੁਦਿਆਂ ਤੇ ਪਹੁੰਚੇ। ਇਸ ਸਮੇਂ ਸਮਾਗਮ ਵਿੱਚ ਪ੍ਰਧਾਨ ਸੰਤ ਬਾਬਾ ਜੀ ਦੀ ਸੰਗਤ ਸਮੇਤ ਇਲਾਕੇ ਦੇ ਪਤਵੰਤੇ ਸੱਜਣ ਹਾਜ਼ਰ ਸਨ। ਗੁਰੂ ਕਾ ਲੰਗਰ ਅਟੁੱਟ ਵਰਤਾਇਆ ਗਿਆ।
ਸੰਗਰੂਰ, 3 ਫਰਵਰੀ (ਜਸਵੀਰ ਸਿੰਘ ਵਜ਼ੀਦਕੇ): ਸ੍ਰੀ ਮਾਨ 111 ਸੰਤ ਬਾਬਾ ਅਤਰ ਸਿੰਘ ਜੀ ਮਹਾਰਾਜ ਮਸਤੂਆਣਾ ਸਾਹਿਬ ਵਾਲਿਆਂ ਦਾ 98ਵਾਂ ਸਾਲਾਨਾ ਜੋੜ ਮੇਲਾ ਸਮੂਹ ਇਲਾਕਾ ਨਿਵਾਸੀ ਸੰਗਤਾਂ ਦੇ ਸਹਿਯੋਗ ਨਾਲ ਤਪ ਅਸਥਾਨ ਗੁਰਦੁਆਰਾ ਸੰਤਪੁਰਾ ਸਾਹਿਬ ਮਾਹੇਰਨਾ ਕਲਾਂ ਵਿਖੇ ਬੜੀ ਸ਼ਰਧਾ ਭਾਵਨਾ ਨਾਲ ਮਨਾਇਆ ਗਿਆ। ਇਸ ਮੌਕੇ ਸ੍ਰੀ ਅਖੰਡ ਪਾਠ ਸਾਹਿਬ ਦੇ ਭੋਗ ਪਾਏ ਗਏ ਉਪਰੰਤ ਕੀਰਤਨ ਦਰਬਾਰ ਸਜਾਇਆ ਗਿਆ। ਸੰਗਤਾਂ ਨੂੰ ਅੰਮ੍ਰਿਤ ਛਕਾ ਕੇ ਗੁਰੂ ਨਾਲ ਜੋੜਿਆ। ਉੱਥੇ ਵਿਦਿਆ ਦੇ ਖੇਤਰ 'ਚ ਬਾਬਾ ਜੀ ਵੱਲੋਂ ਸਥਾਪਤ ਯੂਨੀਵਰਸਿਟੀਆਂ ਵਿੱਚ ਵੱਡੇ ਵੱਡੇ ਬੱਚੀਆਂ ਪੜਾਈਆਂ ਕਰਕੇ ਉੱਚੇ ਅਹੁਦਿਆਂ ਤੇ ਪਹੁੰਚੇ। ਇਸ ਸਮੇਂ ਸਮਾਗਮ ਵਿੱਚ ਪ੍ਰਧਾਨ ਸੰਤ ਬਾਬਾ ਜੀ ਦੀ ਸੰਗਤ ਸਮੇਤ ਇਲਾਕੇ ਦੇ ਪਤਵੰਤੇ ਸੱਜਣ ਹਾਜ਼ਰ ਸਨ। ਗੁਰੂ ਕਾ ਲੰਗਰ ਅਟੁੱਟ ਵਰਤਾਇਆ ਗਿਆ।
